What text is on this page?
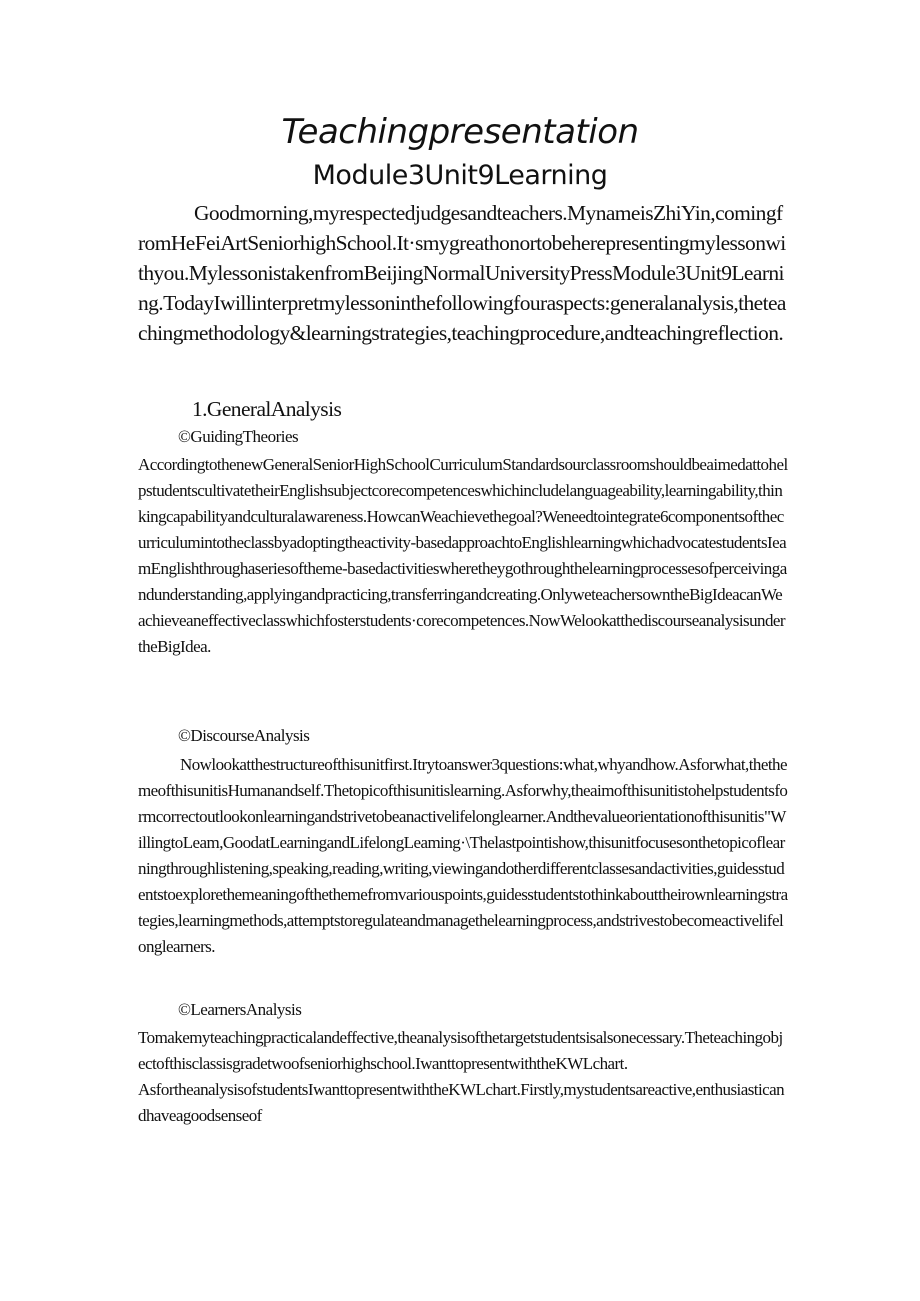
Teachingpresentation
Module3Unit9Learning

Goodmorning,myrespectedjudgesandteachers.MynameisZhiYin,comingfromHeFeiArtSeniorhighSchool.It·smygreathonortobeherepresentingmylessonwithyou.MylessonistakenfromBeijingNormalUniversityPressModule3Unit9Learning.TodayIwillinterpretmylessoninthefollowingfouraspects:generalanalysis,theteachingmethodology&learningstrategies,teachingprocedure,andteachingreflection.

1.GeneralAnalysis

©GuidingTheories

AccordingtothenewGeneralSeniorHighSchoolCurriculumStandardsourclassroomshouldbeaimedattohelpstudentscultivatetheirEnglishsubjectcorecompetenceswhichincludelanguageability,learningability,thinkingcapabilityandculturalawareness.HowcanWeachievethegoal?Weneedtointegrate6componentsofthecurriculumintotheclassbyadoptingtheactivity-basedapproachtoEnglishlearningwhichadvocatestudentsIeamEnglishthroughaseriesoftheme-basedactivitieswheretheygothroughthelearningprocessesofperceivingandunderstanding,applyingandpracticing,transferringandcreating.OnlyweteachersowntheBigIdeacanWeachieveaneffectiveclasswhichfosterstudents·corecompetences.NowWelookatthediscourseanalysisundertheBigIdea.

©DiscourseAnalysis

Nowlookatthestructureofthisunitfirst.Itrytoanswer3questions:what,whyandhow.Asforwhat,thethemeofthisunitisHumanandself.Thetopicofthisunitislearning.Asforwhy,theaimofthisunitistohelpstudentsformcorrectoutlookonlearningandstrivetobeanactivelifelonglearner.Andthevalueorientationofthisunitis"WillingtoLeam,GoodatLearningandLifelongLeaming·\Thelastpointishow,thisunitfocusesonthetopicoflearningthroughlistening,speaking,reading,writing,viewingandotherdifferentclassesandactivities,guidesstudentstoexplorethemeaningofthethemefromvariouspoints,guidesstudentstothinkabouttheirownlearningstrategies,learningmethods,attemptstoregulateandmanagethelearningprocess,andstrivestobecomeactivelifelonglearners.

©LearnersAnalysis

Tomakemyteachingpracticalandeffective,theanalysisofthetargetstudentsisalsonecessary.Theteachingobjectofthisclassisgradetwoofseniorhighschool.IwanttopresentwiththeKWLchart.
AsfortheanalysisofstudentsIwanttopresentwiththeKWLchart.Firstly,mystudentsareactive,enthusiasticandhaveagoodsenseof
